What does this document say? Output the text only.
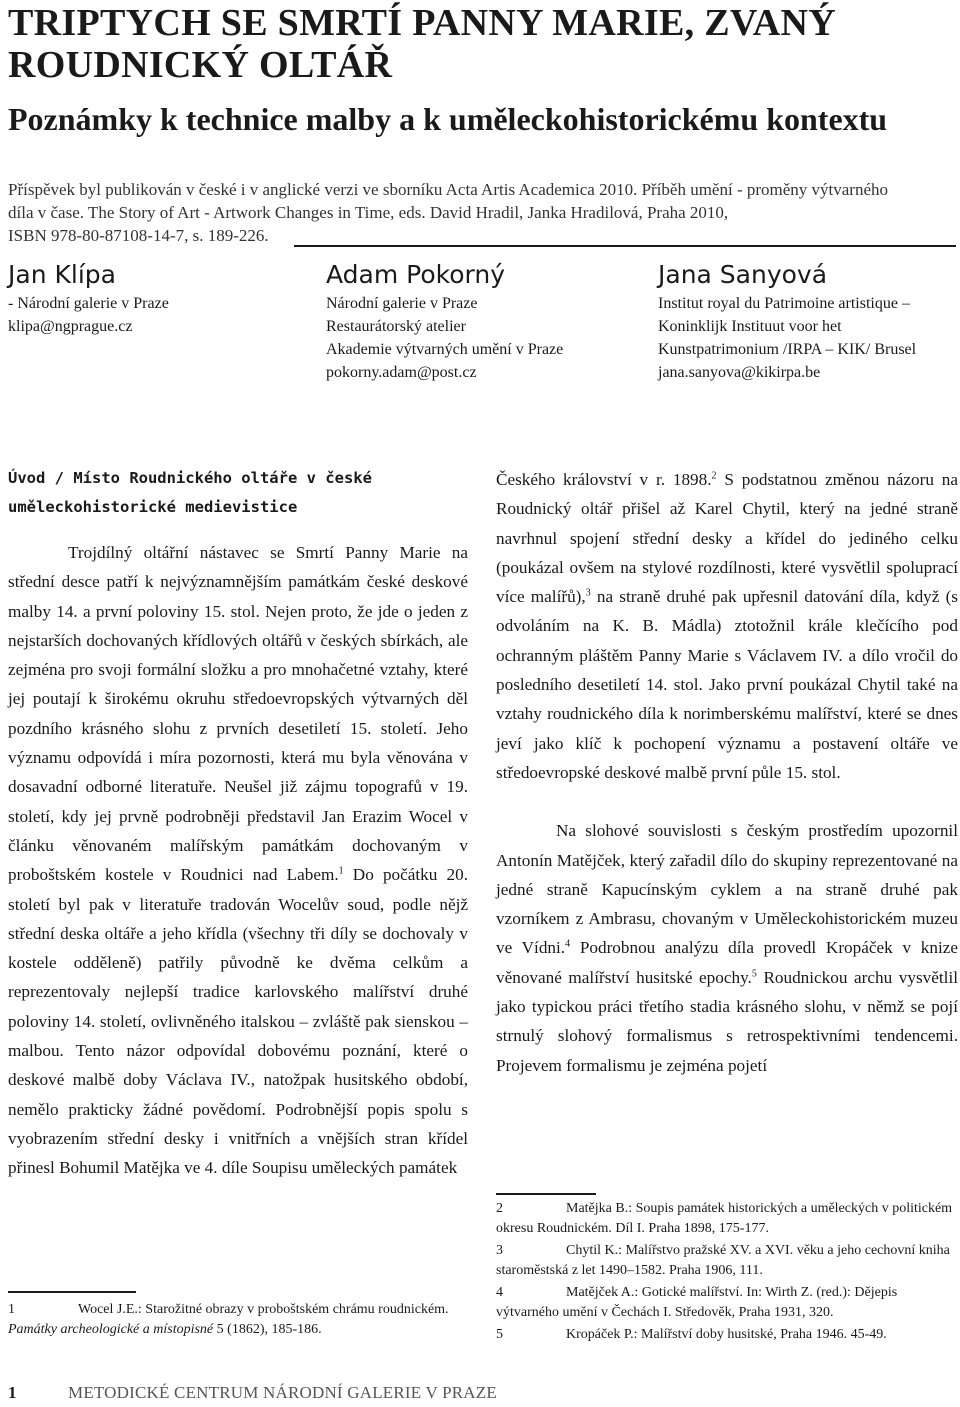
TRIPTYCH SE SMRTÍ PANNY MARIE, ZVANÝ
ROUDNICKÝ OLTÁŘ
Poznámky k technice malby a k uměleckohistorickému kontextu
Příspěvek byl publikován v české i v anglické verzi ve sborníku Acta Artis Academica 2010. Příběh umění - proměny výtvarného
díla v čase. The Story of Art - Artwork Changes in Time, eds. David Hradil, Janka Hradilová, Praha 2010,
ISBN 978-80-87108-14-7, s. 189-226.

Jan Klípa

- Národní galerie v Praze

klipa@ngprague.cz

Adam Pokorný

Národní galerie v Praze

Restaurátorský atelier

Akademie výtvarných umění v Praze

pokorny.adam@post.cz

Jana Sanyová

Institut royal du Patrimoine artistique –

Koninklijk Instituut voor het

Kunstpatrimonium /IRPA – KIK/ Brusel

jana.sanyova@kikirpa.be

Úvod / Místo Roudnického oltáře v české
uměleckohistorické medievistice

Trojdílný oltářní nástavec se Smrtí Panny Marie na střední desce patří k nejvýznamnějším památkám české deskové malby 14. a první poloviny 15. stol. Nejen proto, že jde o jeden z nejstarších dochovaných křídlových oltářů v českých sbírkách, ale zejména pro svoji formální složku a pro mnohačetné vztahy, které jej poutají k širokému okruhu středoevropských výtvarných děl pozdního krásného slohu z prvních desetiletí 15. století. Jeho významu odpovídá i míra pozornosti, která mu byla věnována v dosavadní odborné literatuře. Neušel již zájmu topografů v 19. století, kdy jej prvně podrobněji představil Jan Erazim Wocel v článku věnovaném malířským památkám dochovaným v proboštském kostele v Roudnici nad Labem.$^1$ Do počátku 20. století byl pak v literatuře tradován Wocelův soud, podle nějž střední deska oltáře a jeho křídla (všechny tři díly se dochovaly v kostele odděleně) patřily původně ke dvěma celkům a reprezentovaly nejlepší tradice karlovského malířství druhé poloviny 14. století, ovlivněného italskou – zvláště pak sienskou – malbou. Tento názor odpovídal dobovému poznání, které o deskové malbě doby Václava IV., natožpak husitského období, nemělo prakticky žádné povědomí. Podrobnější popis spolu s vyobrazením střední desky i vnitřních a vnějších stran křídel přinesl Bohumil Matějka ve 4. díle Soupisu uměleckých památek

Českého království v r. 1898.$^2$ S podstatnou změnou názoru na Roudnický oltář přišel až Karel Chytil, který na jedné straně navrhnul spojení střední desky a křídel do jediného celku (poukázal ovšem na stylové rozdílnosti, které vysvětlil spoluprací více malířů),$^3$ na straně druhé pak upřesnil datování díla, když (s odvoláním na K. B. Mádla) ztotožnil krále klečícího pod ochranným pláštěm Panny Marie s Václavem IV. a dílo vročil do posledního desetiletí 14. stol. Jako první poukázal Chytil také na vztahy roudnického díla k norimberskému malířství, které se dnes jeví jako klíč k pochopení významu a postavení oltáře ve středoevropské deskové malbě první půle 15. stol.

Na slohové souvislosti s českým prostředím upozornil Antonín Matějček, který zařadil dílo do skupiny reprezentované na jedné straně Kapucínským cyklem a na straně druhé pak vzorníkem z Ambrasu, chovaným v Uměleckohistorickém muzeu ve Vídni.$^4$ Podrobnou analýzu díla provedl Kropáček v knize věnované malířství husitské epochy.$^5$ Roudnickou archu vysvětlil jako typickou práci třetího stadia krásného slohu, v němž se pojí strnulý slohový formalismus s retrospektivními tendencemi. Projevem formalismu je zejména pojetí

1	Wocel J.E.: Starožitné obrazy v proboštském chrámu roudnickém. Památky archeologické a místopisné 5 (1862), 185-186.

2	Matějka B.: Soupis památek historických a uměleckých v politickém okresu Roudnickém. Díl I. Praha 1898, 175-177.

3	Chytil K.: Malířstvo pražské XV. a XVI. věku a jeho cechovní kniha staroměstská z let 1490–1582. Praha 1906, 111.

4	Matějček A.: Gotické malířství. In: Wirth Z. (red.): Dějepis výtvarného umění v Čechách I. Středověk, Praha 1931, 320.

5	Kropáček P.: Malířství doby husitské, Praha 1946. 45-49.

1	METODICKÉ CENTRUM NÁRODNÍ GALERIE V PRAZE
